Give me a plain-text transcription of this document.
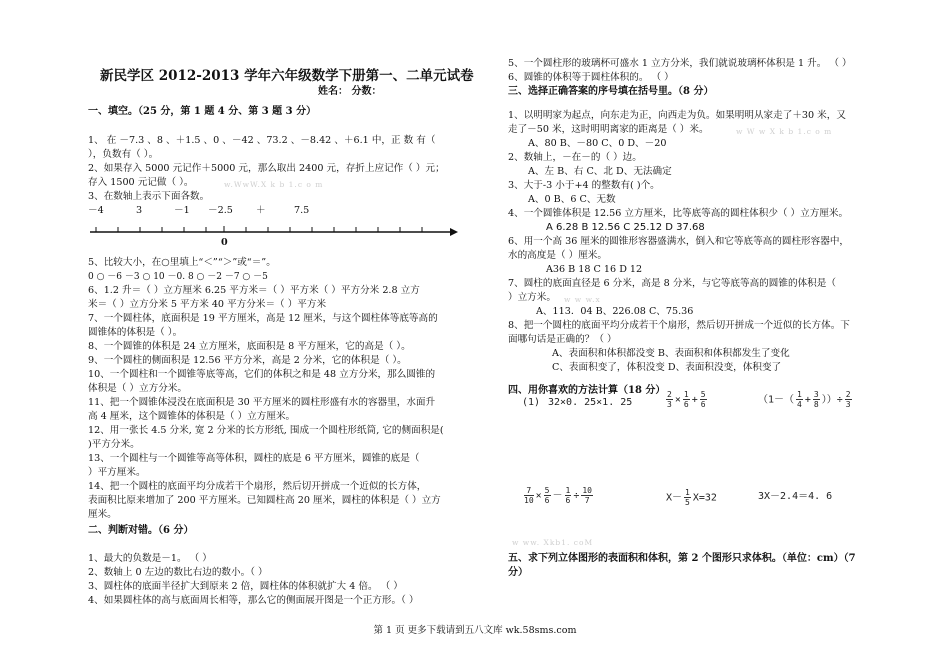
新民学区 2012-2013 学年六年级数学下册第一、二单元试卷
姓名： 分数：
一、填空。（25 分，第 1 题 4 分、第 3 题 3 分）
1、 在 －7.3 、8 、＋1.5 、0 、－42 、73.2 、－8.42 、＋6.1 中，正 数 有（
），负数有（ ）。
2、如果存入 5000 元记作＋5000 元，那么取出 2400 元，存折上应记作（ ）元；
存入 1500 元记做（ ）。	w.WwW.X k b 1.c o m
3、在数轴上表示下面各数。
－4	3	－1 －2.5 ＋	7.5
0
5、比较大小，在○里填上“＜”“＞”或“＝”。
0 ○ －6 －3 ○ 10 －0. 8 ○ －2 －7 ○ －5
6、1.2 升＝（ ）立方厘米 6.25 平方米＝（ ）平方米（ ）平方分米 2.8 立方
米＝（ ）立方分米 5 平方米 40 平方分米＝（ ）平方米
7、一个圆柱体，底面积是 19 平方厘米，高是 12 厘米，与这个圆柱体等底等高的
圆锥体的体积是（ ）。
8、一个圆锥的体积是 24 立方厘米，底面积是 8 平方厘米，它的高是（ ）。
9、一个圆柱的侧面积是 12.56 平方分米，高是 2 分米，它的体积是（ ）。
10、一个圆柱和一个圆锥等底等高，它们的体积之和是 48 立方分米，那么圆锥的
体积是（ ）立方分米。
11、把一个圆锥体浸没在底面积是 30 平方厘米的圆柱形盛有水的容器里，水面升
高 4 厘米，这个圆锥体的体积是（ ）立方厘米。
12、用一张长 4.5 分米, 宽 2 分米的长方形纸, 围成一个圆柱形纸筒, 它的侧面积是(
)平方分米。
13、一个圆柱与一个圆锥等高等体积，圆柱的底是 6 平方厘米，圆锥的底是（
）平方厘米。
14、把一个圆柱的底面平均分成若干个扇形，然后切开拼成一个近似的长方体，
表面积比原来增加了 200 平方厘米。已知圆柱高 20 厘米，圆柱的体积是（ ）立方
厘米。
二、判断对错。（6 分）
1、最大的负数是－1。 （ ）
2、数轴上 0 左边的数比右边的数小。（ ）
3、圆柱体的底面半径扩大到原来 2 倍，圆柱体的体积就扩大 4 倍。 （ ）
4、如果圆柱体的高与底面周长相等，那么它的侧面展开图是一个正方形。（ ）
5、一个圆柱形的玻璃杯可盛水 1 立方分米，我们就说玻璃杯体积是 1 升。 （ ）
6、圆锥的体积等于圆柱体积的。 （ ）
三、选择正确答案的序号填在括号里。（8 分）
1、以明明家为起点，向东走为正，向西走为负。如果明明从家走了＋30 米，又
走了－50 米，这时明明离家的距离是（ ）米。	w W w X k b 1.c o m
A、80 B、－80 C、0 D、－20
2、数轴上，－在－的（ ）边。
A、左 B、右 C、北 D、无法确定
3、大于-3 小于+4 的整数有( )个。
A、0 B、6 C、无数
4、一个圆锥体积是 12.56 立方厘米，比等底等高的圆柱体积少（ ）立方厘米。
A 6.28 B 12.56 C 25.12 D 37.68
6、用一个高 36 厘米的圆锥形容器盛满水，倒入和它等底等高的圆柱形容器中，
水的高度是（ ）厘米。
A36 B 18 C 16 D 12
7、圆柱的底面直径是 6 分米，高是 8 分米，与它等底等高的圆锥的体积是（
）立方米。 w w w.x
A、113．04 B、226.08 C、75.36
8、把一个圆柱的底面平均分成若干个扇形，然后切开拼成一个近似的长方体。下
面哪句话是正确的？（ ）
A、表面积和体积都没变 B、表面积和体积都发生了变化
C、表面积变了，体积没变 D、表面积没变，体积变了
四、用你喜欢的方法计算（18 分）
(1) 32×0. 25×1. 25	$\frac{2}{3} \times \frac{1}{6} + \frac{5}{6}$	（$1-( \frac{1}{4} + \frac{3}{8}$ ））÷ $\frac{2}{3}$
$\frac{7}{10} \times \frac{5}{6} - \frac{1}{6} \div \frac{10}{7}$	$X- \frac{1}{5} X=32$	3X－2.4＝4. 6
w ww. Xkb1. coM
五、求下列立体图形的表面积和体积，第 2 个图形只求体积。（单位：cm）（7
分）
第 1 页 更多下载请到五八文库 wk.58sms.com
